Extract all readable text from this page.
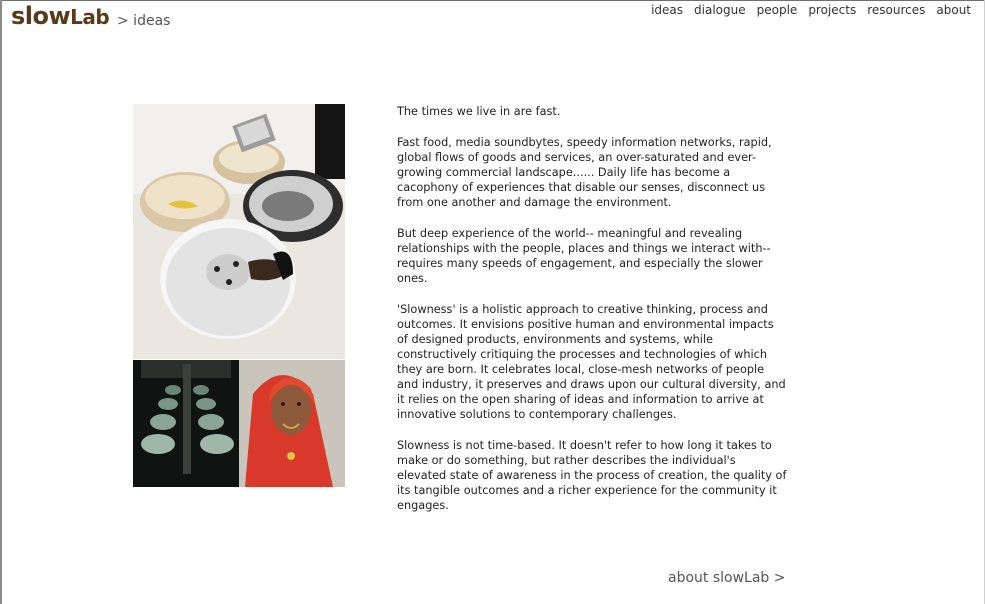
slowLab > ideas
ideas dialogue people projects resources about

The times we live in are fast.

Fast food, media soundbytes, speedy information networks, rapid, global flows of goods and services, an over-saturated and ever-growing commercial landscape...... Daily life has become a cacophony of experiences that disable our senses, disconnect us from one another and damage the environment.

But deep experience of the world-- meaningful and revealing relationships with the people, places and things we interact with-- requires many speeds of engagement, and especially the slower ones.

'Slowness' is a holistic approach to creative thinking, process and outcomes. It envisions positive human and environmental impacts of designed products, environments and systems, while constructively critiquing the processes and technologies of which they are born. It celebrates local, close-mesh networks of people and industry, it preserves and draws upon our cultural diversity, and it relies on the open sharing of ideas and information to arrive at innovative solutions to contemporary challenges.

Slowness is not time-based. It doesn't refer to how long it takes to make or do something, but rather describes the individual's elevated state of awareness in the process of creation, the quality of its tangible outcomes and a richer experience for the community it engages.

about slowLab >
